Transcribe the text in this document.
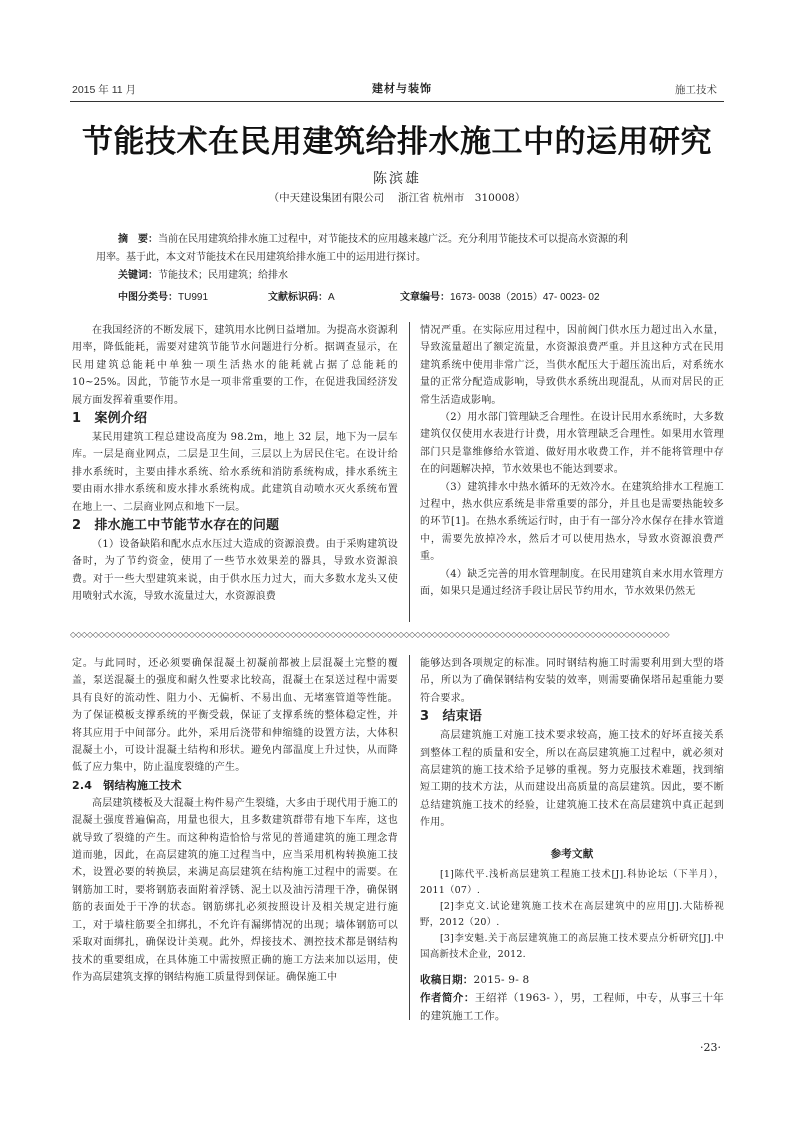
2015 年 11 月	建材与装饰	施工技术
节能技术在民用建筑给排水施工中的运用研究
陈滨雄
（中天建设集团有限公司　 浙江省 杭州市　310008）
摘　要：当前在民用建筑给排水施工过程中，对节能技术的应用越来越广泛。充分利用节能技术可以提高水资源的利
用率。基于此，本文对节能技术在民用建筑给排水施工中的运用进行探讨。
关键词：节能技术；民用建筑；给排水
中图分类号：TU991	文献标识码：A	文章编号：1673- 0038（2015）47- 0023- 02

在我国经济的不断发展下，建筑用水比例日益增加。为提高水资源利用率，降低能耗，需要对建筑节能节水问题进行分析。据调查显示，在民用建筑总能耗中单独一项生活热水的能耗就占据了总能耗的 10~25%。因此，节能节水是一项非常重要的工作，在促进我国经济发展方面发挥着重要作用。

1　案例介绍

某民用建筑工程总建设高度为 98.2m，地上 32 层，地下为一层车库。一层是商业网点，二层是卫生间，三层以上为居民住宅。在设计给排水系统时，主要由排水系统、给水系统和消防系统构成，排水系统主要由雨水排水系统和废水排水系统构成。此建筑自动喷水灭火系统布置在地上一、二层商业网点和地下一层。

2　排水施工中节能节水存在的问题

（1）设备缺陷和配水点水压过大造成的资源浪费。由于采购建筑设备时，为了节约资金，使用了一些节水效果差的器具，导致水资源浪费。对于一些大型建筑来说，由于供水压力过大，而大多数水龙头又使用喷射式水流，导致水流量过大，水资源浪费

情况严重。在实际应用过程中，因前阀门供水压力超过出入水量，导致流量超出了额定流量，水资源浪费严重。并且这种方式在民用建筑系统中使用非常广泛，当供水配压大于超压流出后，对系统水量的正常分配造成影响，导致供水系统出现混乱，从而对居民的正常生活造成影响。

（2）用水部门管理缺乏合理性。在设计民用水系统时，大多数建筑仅仅使用水表进行计费，用水管理缺乏合理性。如果用水管理部门只是靠维修给水管道、做好用水收费工作，并不能将管理中存在的问题解决掉，节水效果也不能达到要求。

（3）建筑排水中热水循环的无效冷水。在建筑给排水工程施工过程中，热水供应系统是非常重要的部分，并且也是需要热能较多的环节[1]。在热水系统运行时，由于有一部分冷水保存在排水管道中，需要先放掉冷水，然后才可以使用热水，导致水资源浪费严重。

（4）缺乏完善的用水管理制度。在民用建筑自来水用水管理方面，如果只是通过经济手段让居民节约用水，节水效果仍然无

◇◇◇◇◇◇◇◇◇◇◇◇◇◇◇◇◇◇◇◇◇◇◇◇◇◇◇◇◇◇◇◇◇◇◇◇◇◇◇◇◇◇◇◇◇◇◇◇◇◇◇◇◇◇◇◇◇◇◇◇◇◇◇◇◇◇◇◇◇◇◇◇◇◇◇◇◇◇◇◇◇◇◇◇◇◇◇◇◇◇◇◇◇◇◇◇◇◇◇◇◇◇◇◇◇◇

定。与此同时，还必须要确保混凝土初凝前都被上层混凝土完整的覆盖，泵送混凝土的强度和耐久性要求比较高，混凝土在泵送过程中需要具有良好的流动性、阻力小、无偏析、不易出血、无堵塞管道等性能。为了保证模板支撑系统的平衡受载，保证了支撑系统的整体稳定性，并将其应用于中间部分。此外，采用后浇带和伸缩缝的设置方法，大体积混凝土小，可设计混凝土结构和形状。避免内部温度上升过快，从而降低了应力集中，防止温度裂缝的产生。

2.4　钢结构施工技术

高层建筑楼板及大混凝土构件易产生裂缝，大多由于现代用于施工的混凝土强度普遍偏高，用量也很大，且多数建筑群带有地下车库，这也就导致了裂缝的产生。而这种构造恰恰与常见的普通建筑的施工理念背道而驰，因此，在高层建筑的施工过程当中，应当采用机构转换施工技术，设置必要的转换层，来满足高层建筑在结构施工过程中的需要。在钢筋加工时，要将钢筋表面附着浮锈、泥土以及油污清理干净，确保钢筋的表面处于干净的状态。钢筋绑扎必须按照设计及相关规定进行施工，对于墙柱筋要全扣绑扎，不允许有漏绑情况的出现；墙体钢筋可以采取对面绑扎，确保设计美观。此外，焊接技术、测控技术都是钢结构技术的重要组成，在具体施工中需按照正确的施工方法来加以运用，使作为高层建筑支撑的钢结构施工质量得到保证。确保施工中

能够达到各项规定的标准。同时钢结构施工时需要利用到大型的塔吊，所以为了确保钢结构安装的效率，则需要确保塔吊起重能力要符合要求。

3　结束语

高层建筑施工对施工技术要求较高，施工技术的好坏直接关系到整体工程的质量和安全，所以在高层建筑施工过程中，就必须对高层建筑的施工技术给予足够的重视。努力克服技术难题，找到缩短工期的技术方法，从而建设出高质量的高层建筑。因此，要不断总结建筑施工技术的经验，让建筑施工技术在高层建筑中真正起到作用。

参考文献

[1]陈代平.浅析高层建筑工程施工技术[J].科协论坛（下半月），2011（07）.

[2]李克文.试论建筑施工技术在高层建筑中的应用[J].大陆桥视野，2012（20）.

[3]李安魁.关于高层建筑施工的高层施工技术要点分析研究[J].中国高新技术企业，2012.

收稿日期：2015- 9- 8
作者简介：王绍祥（1963- ），男，工程师，中专，从事三十年的建筑施工工作。
·23·
